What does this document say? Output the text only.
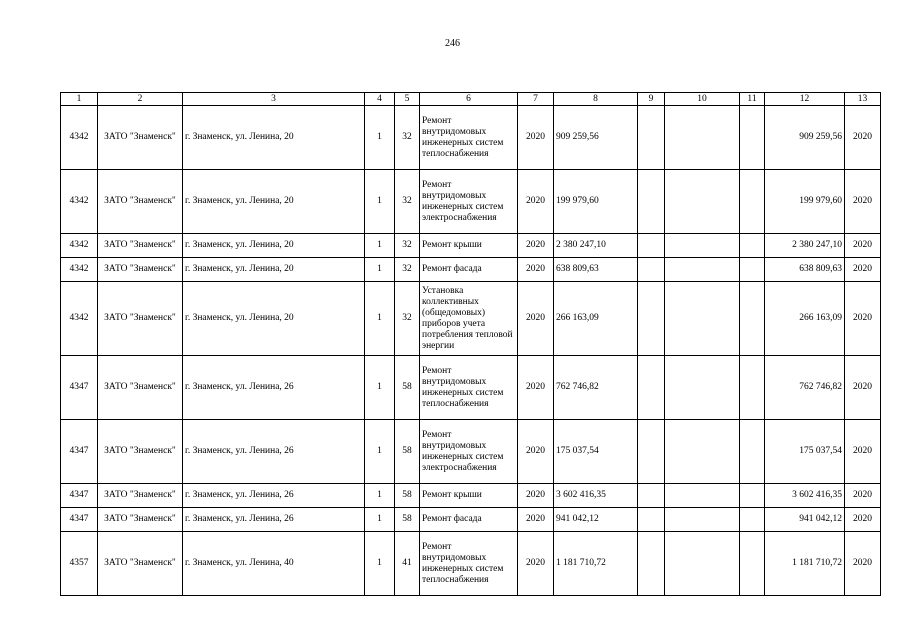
246
1	2	3	4	5	6	7	8	9	10	11	12	13
4342	ЗАТО "Знаменск"	г. Знаменск, ул. Ленина, 20	1	32	Ремонт внутридомовых инженерных систем теплоснабжения	2020	909 259,56				909 259,56	2020
4342	ЗАТО "Знаменск"	г. Знаменск, ул. Ленина, 20	1	32	Ремонт внутридомовых инженерных систем электроснабжения	2020	199 979,60				199 979,60	2020
4342	ЗАТО "Знаменск"	г. Знаменск, ул. Ленина, 20	1	32	Ремонт крыши	2020	2 380 247,10				2 380 247,10	2020
4342	ЗАТО "Знаменск"	г. Знаменск, ул. Ленина, 20	1	32	Ремонт фасада	2020	638 809,63				638 809,63	2020
4342	ЗАТО "Знаменск"	г. Знаменск, ул. Ленина, 20	1	32	Установка коллективных (общедомовых) приборов учета потребления тепловой энергии	2020	266 163,09				266 163,09	2020
4347	ЗАТО "Знаменск"	г. Знаменск, ул. Ленина, 26	1	58	Ремонт внутридомовых инженерных систем теплоснабжения	2020	762 746,82				762 746,82	2020
4347	ЗАТО "Знаменск"	г. Знаменск, ул. Ленина, 26	1	58	Ремонт внутридомовых инженерных систем электроснабжения	2020	175 037,54				175 037,54	2020
4347	ЗАТО "Знаменск"	г. Знаменск, ул. Ленина, 26	1	58	Ремонт крыши	2020	3 602 416,35				3 602 416,35	2020
4347	ЗАТО "Знаменск"	г. Знаменск, ул. Ленина, 26	1	58	Ремонт фасада	2020	941 042,12				941 042,12	2020
4357	ЗАТО "Знаменск"	г. Знаменск, ул. Ленина, 40	1	41	Ремонт внутридомовых инженерных систем теплоснабжения	2020	1 181 710,72				1 181 710,72	2020
